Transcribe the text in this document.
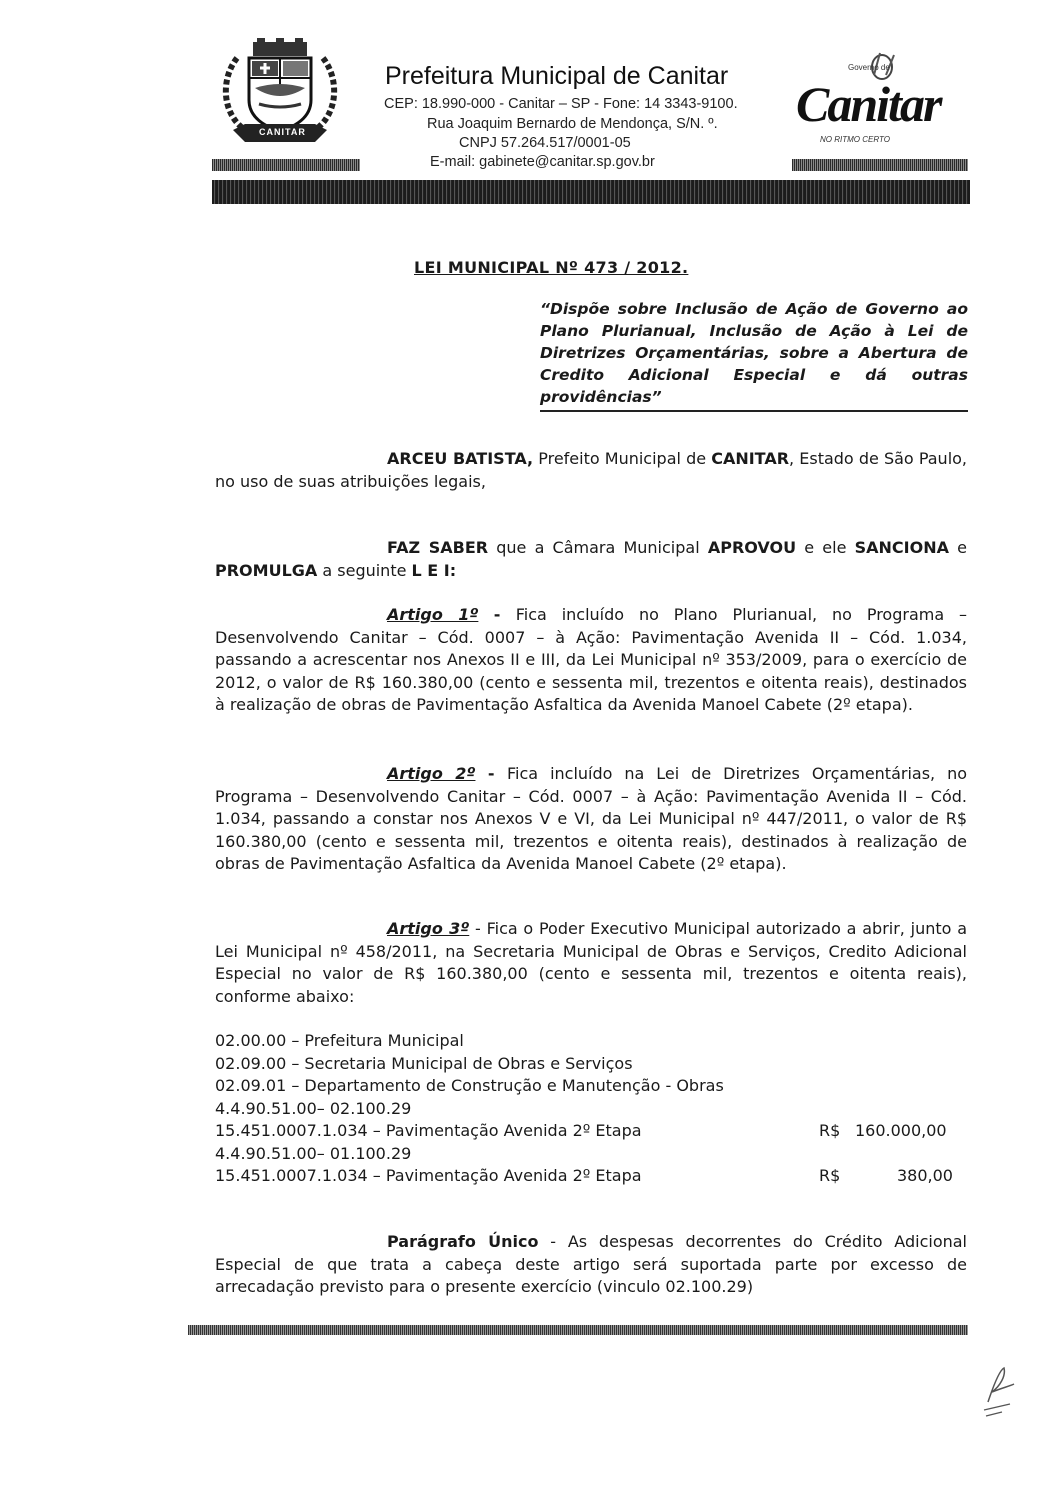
CANITAR
Prefeitura Municipal de Canitar
CEP: 18.990-000 - Canitar – SP - Fone: 14 3343-9100.
Rua Joaquim Bernardo de Mendonça, S/N. º.
CNPJ 57.264.517/0001-05
E-mail: gabinete@canitar.sp.gov.br
Governo de
Canitar
NO RITMO CERTO
LEI MUNICIPAL Nº 473 / 2012.
“Dispõe sobre Inclusão de Ação de Governo ao Plano Plurianual, Inclusão de Ação à Lei de Diretrizes Orçamentárias, sobre a Abertura de Credito Adicional Especial e dá outras providências”
ARCEU BATISTA, Prefeito Municipal de CANITAR, Estado de São Paulo, no uso de suas atribuições legais,
FAZ SABER que a Câmara Municipal APROVOU e ele SANCIONA e PROMULGA a seguinte L E I:
Artigo 1º - Fica incluído no Plano Plurianual, no Programa – Desenvolvendo Canitar – Cód. 0007 – à Ação: Pavimentação Avenida II – Cód. 1.034, passando a acrescentar nos Anexos II e III, da Lei Municipal nº 353/2009, para o exercício de 2012, o valor de R$ 160.380,00 (cento e sessenta mil, trezentos e oitenta reais), destinados à realização de obras de Pavimentação Asfaltica da Avenida Manoel Cabete (2º etapa).
Artigo 2º - Fica incluído na Lei de Diretrizes Orçamentárias, no Programa – Desenvolvendo Canitar – Cód. 0007 – à Ação: Pavimentação Avenida II – Cód. 1.034, passando a constar nos Anexos V e VI, da Lei Municipal nº 447/2011, o valor de R$ 160.380,00 (cento e sessenta mil, trezentos e oitenta reais), destinados à realização de obras de Pavimentação Asfaltica da Avenida Manoel Cabete (2º etapa).
Artigo 3º - Fica o Poder Executivo Municipal autorizado a abrir, junto a Lei Municipal nº 458/2011, na Secretaria Municipal de Obras e Serviços, Credito Adicional Especial no valor de R$ 160.380,00 (cento e sessenta mil, trezentos e oitenta reais), conforme abaixo:
02.00.00 – Prefeitura Municipal
02.09.00 – Secretaria Municipal de Obras e Serviços
02.09.01 – Departamento de Construção e Manutenção - Obras
4.4.90.51.00– 02.100.29
15.451.0007.1.034 – Pavimentação Avenida 2º Etapa	R$ 160.000,00
4.4.90.51.00– 01.100.29
15.451.0007.1.034 – Pavimentação Avenida 2º Etapa	R$	380,00
Parágrafo Único - As despesas decorrentes do Crédito Adicional Especial de que trata a cabeça deste artigo será suportada parte por excesso de arrecadação previsto para o presente exercício (vinculo 02.100.29)
